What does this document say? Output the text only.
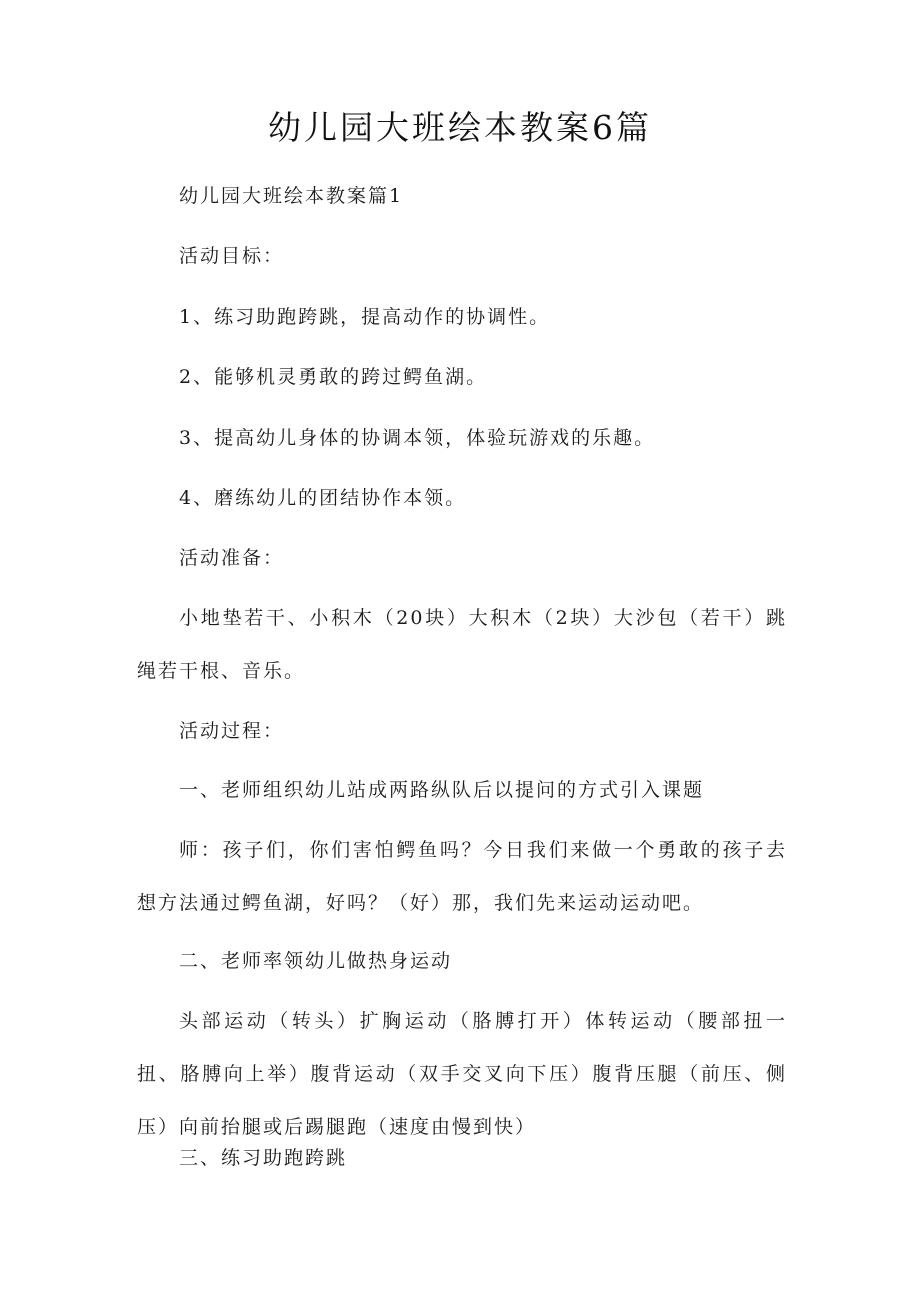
幼儿园大班绘本教案6篇

幼儿园大班绘本教案篇1

活动目标：

1、练习助跑跨跳，提高动作的协调性。

2、能够机灵勇敢的跨过鳄鱼湖。

3、提高幼儿身体的协调本领，体验玩游戏的乐趣。

4、磨练幼儿的团结协作本领。

活动准备：

小地垫若干、小积木（20块）大积木（2块）大沙包（若干）跳绳若干根、音乐。

活动过程：

一、老师组织幼儿站成两路纵队后以提问的方式引入课题

师：孩子们，你们害怕鳄鱼吗？今日我们来做一个勇敢的孩子去想方法通过鳄鱼湖，好吗？（好）那，我们先来运动运动吧。

二、老师率领幼儿做热身运动

头部运动（转头）扩胸运动（胳膊打开）体转运动（腰部扭一扭、胳膊向上举）腹背运动（双手交叉向下压）腹背压腿（前压、侧压）向前抬腿或后踢腿跑（速度由慢到快）

三、练习助跑跨跳
